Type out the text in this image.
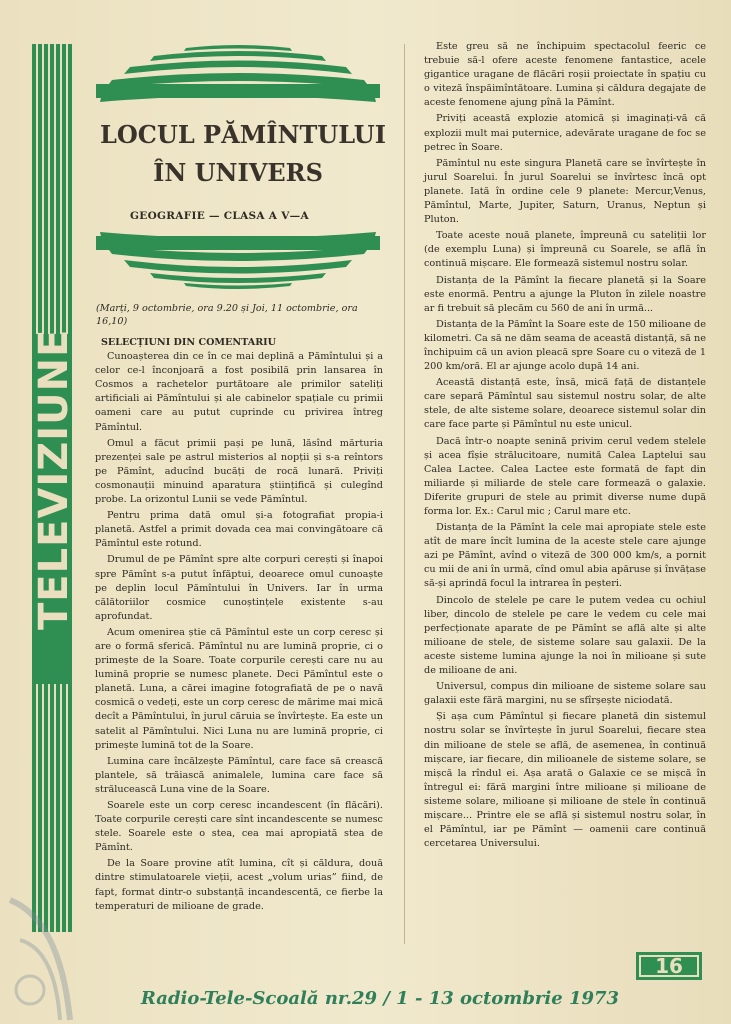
LOCUL PĂMÎNTULUI
ÎN UNIVERS
GEOGRAFIE — CLASA A V—A
(Marți, 9 octombrie, ora 9.20 și Joi, 11 octombrie, ora 16,10)

SELECȚIUNI DIN COMENTARIU

Cunoașterea din ce în ce mai deplină a Pămîntului și a celor ce-l înconjoară a fost posibilă prin lansarea în Cosmos a rachetelor purtătoare ale primilor sateliți artificiali ai Pămîntului și ale cabinelor spațiale cu primii oameni care au putut cuprinde cu privirea întreg Pămîntul.

Omul a făcut primii pași pe lună, lăsînd mărturia prezenței sale pe astrul misterios al nopții și s-a reîntors pe Pămînt, aducînd bucăți de rocă lunară. Priviți cosmonauții minuind aparatura științifică și culegînd probe. La orizontul Lunii se vede Pămîntul.

Pentru prima dată omul și-a fotografiat propia-i planetă. Astfel a primit dovada cea mai convingătoare că Pămîntul este rotund.

Drumul de pe Pămînt spre alte corpuri cerești și înapoi spre Pămînt s-a putut înfăptui, deoarece omul cunoaște pe deplin locul Pămîntului în Univers. Iar în urma călătoriilor cosmice cunoștințele existente s-au aprofundat.

Acum omenirea știe că Pămîntul este un corp ceresc și are o formă sferică. Pămîntul nu are lumină proprie, ci o primește de la Soare. Toate corpurile cerești care nu au lumină proprie se numesc planete. Deci Pămîntul este o planetă. Luna, a cărei imagine fotografiată de pe o navă cosmică o vedeți, este un corp ceresc de mărime mai mică decît a Pămîntului, în jurul căruia se învîrtește. Ea este un satelit al Pămîntului. Nici Luna nu are lumină proprie, ci primește lumină tot de la Soare.

Lumina care încălzește Pămîntul, care face să crească plantele, să trăiască animalele, lumina care face să strălucească Luna vine de la Soare.

Soarele este un corp ceresc incandescent (în flăcări). Toate corpurile cerești care sînt incandescente se numesc stele. Soarele este o stea, cea mai apropiată stea de Pămînt.

De la Soare provine atît lumina, cît și căldura, două dintre stimulatoarele vieții, acest „volum urias” fiind, de fapt, format dintr-o substanță incandescentă, ce fierbe la temperaturi de milioane de grade.

Este greu să ne închipuim spectacolul feeric ce trebuie să-l ofere aceste fenomene fantastice, acele gigantice uragane de flăcări roșii proiectate în spațiu cu o viteză înspăimîntătoare. Lumina și căldura degajate de aceste fenomene ajung pînă la Pămînt.

Priviți această explozie atomică și imaginați-vă că explozii mult mai puternice, adevărate uragane de foc se petrec în Soare.

Pămîntul nu este singura Planetă care se învîrtește în jurul Soarelui. În jurul Soarelui se învîrtesc încă opt planete. Iată în ordine cele 9 planete: Mercur,Venus, Pămîntul, Marte, Jupiter, Saturn, Uranus, Neptun și Pluton.

Toate aceste nouă planete, împreună cu sateliții lor (de exemplu Luna) și împreună cu Soarele, se află în continuă mișcare. Ele formează sistemul nostru solar.

Distanța de la Pămînt la fiecare planetă și la Soare este enormă. Pentru a ajunge la Pluton în zilele noastre ar fi trebuit să plecăm cu 560 de ani în urmă...

Distanța de la Pămînt la Soare este de 150 milioane de kilometri. Ca să ne dăm seama de această distanță, să ne închipuim că un avion pleacă spre Soare cu o viteză de 1 200 km/oră. El ar ajunge acolo după 14 ani.

Această distanță este, însă, mică față de distanțele care separă Pămîntul sau sistemul nostru solar, de alte stele, de alte sisteme solare, deoarece sistemul solar din care face parte și Pămîntul nu este unicul.

Dacă într-o noapte senină privim cerul vedem stelele și acea fîșie strălucitoare, numită Calea Laptelui sau Calea Lactee. Calea Lactee este formată de fapt din miliarde și miliarde de stele care formează o galaxie. Diferite grupuri de stele au primit diverse nume după forma lor. Ex.: Carul mic ; Carul mare etc.

Distanța de la Pămînt la cele mai apropiate stele este atît de mare încît lumina de la aceste stele care ajunge azi pe Pămînt, avînd o viteză de 300 000 km/s, a pornit cu mii de ani în urmă, cînd omul abia apăruse și învățase să-și aprindă focul la intrarea în peșteri.

Dincolo de stelele pe care le putem vedea cu ochiul liber, dincolo de stelele pe care le vedem cu cele mai perfecționate aparate de pe Pămînt se află alte și alte milioane de stele, de sisteme solare sau galaxii. De la aceste sisteme lumina ajunge la noi în milioane și sute de milioane de ani.

Universul, compus din milioane de sisteme solare sau galaxii este fără margini, nu se sfîrșește niciodată.

Și așa cum Pămîntul și fiecare planetă din sistemul nostru solar se învîrtește în jurul Soarelui, fiecare stea din milioane de stele se află, de asemenea, în continuă mișcare, iar fiecare, din milioanele de sisteme solare, se mișcă la rîndul ei. Așa arată o Galaxie ce se mișcă în întregul ei: fără margini între milioane și milioane de sisteme solare, milioane și milioane de stele în continuă mișcare... Printre ele se află și sistemul nostru solar, în el Pămîntul, iar pe Pămînt — oamenii care continuă cercetarea Universului.

16
Radio-Tele-Scoală nr.29 / 1 - 13 octombrie 1973
